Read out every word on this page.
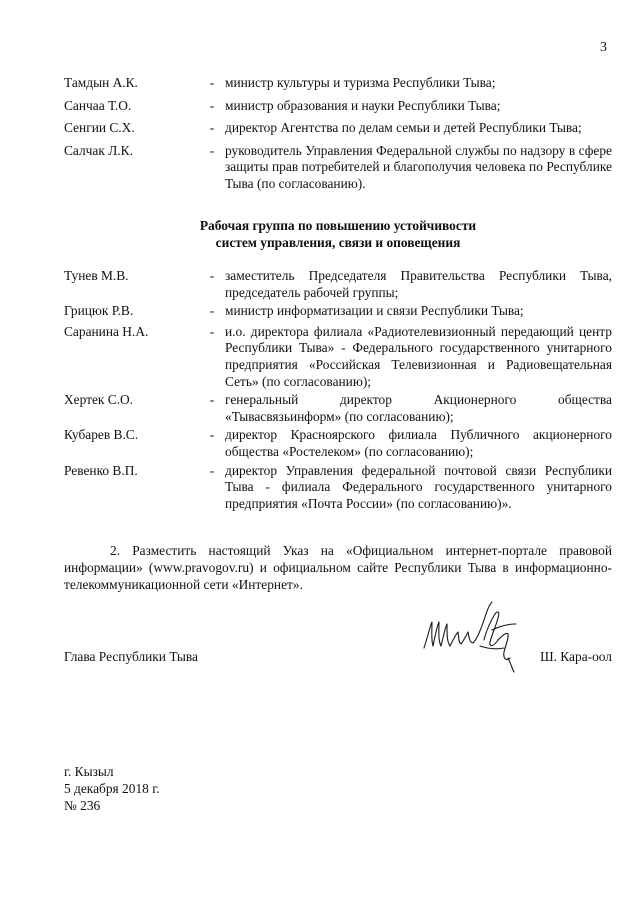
3
Тамдын А.К.	- министр культуры и туризма Республики Тыва;
Санчаа Т.О.	- министр образования и науки Республики Тыва;
Сенгии С.Х.	- директор Агентства по делам семьи и детей Республики Тыва;
Салчак Л.К.	- руководитель Управления Федеральной службы по надзору в сфере защиты прав потребителей и благополучия человека по Республике Тыва (по согласованию).
Рабочая группа по повышению устойчивости
систем управления, связи и оповещения
Тунев М.В.	- заместитель Председателя Правительства Республики Тыва, председатель рабочей группы;
Грицюк Р.В.	- министр информатизации и связи Республики Тыва;
Саранина Н.А.	- и.о. директора филиала «Радиотелевизионный передающий центр Республики Тыва» - Федерального государственного унитарного предприятия «Российская Телевизионная и Радиовещательная Сеть» (по согласованию);
Хертек С.О.	- генеральный директор Акционерного общества «Тывасвязьинформ» (по согласованию);
Кубарев В.С.	- директор Красноярского филиала Публичного акционерного общества «Ростелеком» (по согласованию);
Ревенко В.П.	- директор Управления федеральной почтовой связи Республики Тыва - филиала Федерального государственного унитарного предприятия «Почта России» (по согласованию)».
2. Разместить настоящий Указ на «Официальном интернет-портале правовой информации» (www.pravogov.ru) и официальном сайте Республики Тыва в информационно-телекоммуникационной сети «Интернет».
Глава Республики Тыва	Ш. Кара-оол
г. Кызыл
5 декабря 2018 г.
№ 236
